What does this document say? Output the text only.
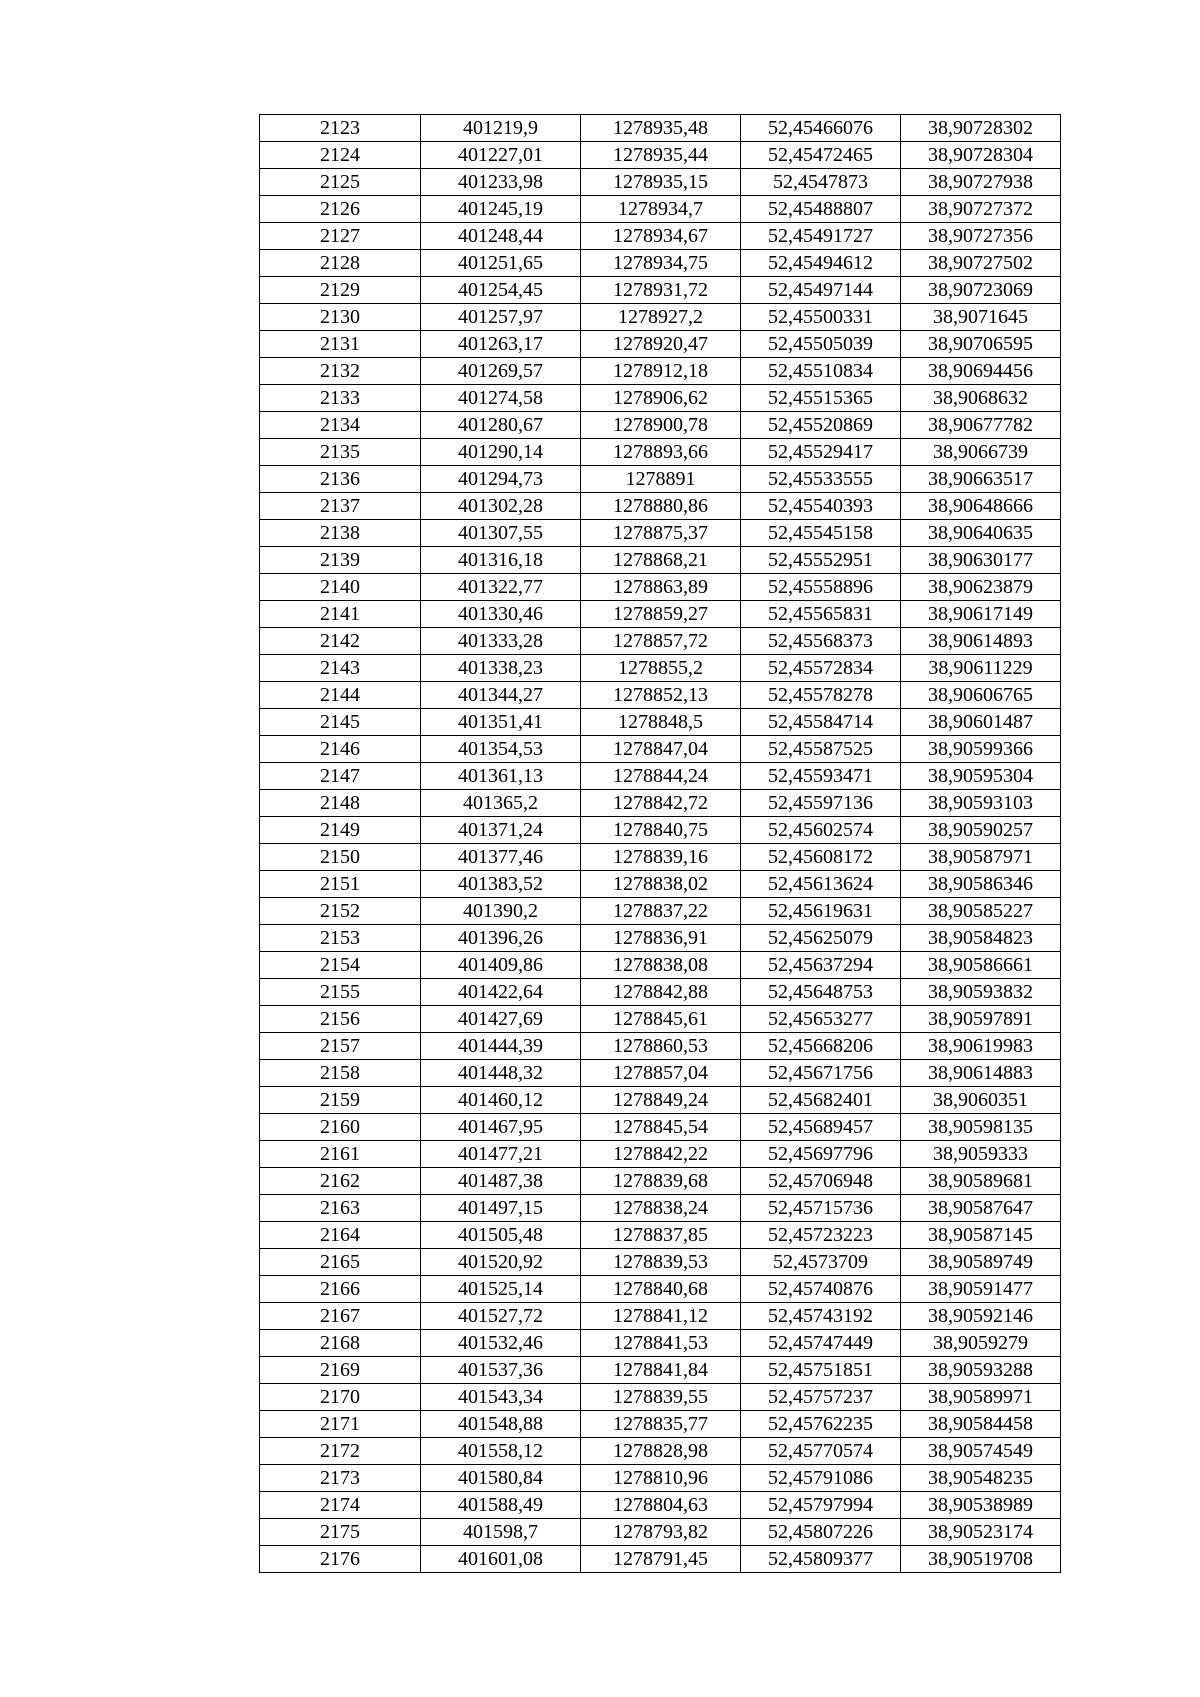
2123	401219,9	1278935,48	52,45466076	38,90728302
2124	401227,01	1278935,44	52,45472465	38,90728304
2125	401233,98	1278935,15	52,4547873	38,90727938
2126	401245,19	1278934,7	52,45488807	38,90727372
2127	401248,44	1278934,67	52,45491727	38,90727356
2128	401251,65	1278934,75	52,45494612	38,90727502
2129	401254,45	1278931,72	52,45497144	38,90723069
2130	401257,97	1278927,2	52,45500331	38,9071645
2131	401263,17	1278920,47	52,45505039	38,90706595
2132	401269,57	1278912,18	52,45510834	38,90694456
2133	401274,58	1278906,62	52,45515365	38,9068632
2134	401280,67	1278900,78	52,45520869	38,90677782
2135	401290,14	1278893,66	52,45529417	38,9066739
2136	401294,73	1278891	52,45533555	38,90663517
2137	401302,28	1278880,86	52,45540393	38,90648666
2138	401307,55	1278875,37	52,45545158	38,90640635
2139	401316,18	1278868,21	52,45552951	38,90630177
2140	401322,77	1278863,89	52,45558896	38,90623879
2141	401330,46	1278859,27	52,45565831	38,90617149
2142	401333,28	1278857,72	52,45568373	38,90614893
2143	401338,23	1278855,2	52,45572834	38,90611229
2144	401344,27	1278852,13	52,45578278	38,90606765
2145	401351,41	1278848,5	52,45584714	38,90601487
2146	401354,53	1278847,04	52,45587525	38,90599366
2147	401361,13	1278844,24	52,45593471	38,90595304
2148	401365,2	1278842,72	52,45597136	38,90593103
2149	401371,24	1278840,75	52,45602574	38,90590257
2150	401377,46	1278839,16	52,45608172	38,90587971
2151	401383,52	1278838,02	52,45613624	38,90586346
2152	401390,2	1278837,22	52,45619631	38,90585227
2153	401396,26	1278836,91	52,45625079	38,90584823
2154	401409,86	1278838,08	52,45637294	38,90586661
2155	401422,64	1278842,88	52,45648753	38,90593832
2156	401427,69	1278845,61	52,45653277	38,90597891
2157	401444,39	1278860,53	52,45668206	38,90619983
2158	401448,32	1278857,04	52,45671756	38,90614883
2159	401460,12	1278849,24	52,45682401	38,9060351
2160	401467,95	1278845,54	52,45689457	38,90598135
2161	401477,21	1278842,22	52,45697796	38,9059333
2162	401487,38	1278839,68	52,45706948	38,90589681
2163	401497,15	1278838,24	52,45715736	38,90587647
2164	401505,48	1278837,85	52,45723223	38,90587145
2165	401520,92	1278839,53	52,4573709	38,90589749
2166	401525,14	1278840,68	52,45740876	38,90591477
2167	401527,72	1278841,12	52,45743192	38,90592146
2168	401532,46	1278841,53	52,45747449	38,9059279
2169	401537,36	1278841,84	52,45751851	38,90593288
2170	401543,34	1278839,55	52,45757237	38,90589971
2171	401548,88	1278835,77	52,45762235	38,90584458
2172	401558,12	1278828,98	52,45770574	38,90574549
2173	401580,84	1278810,96	52,45791086	38,90548235
2174	401588,49	1278804,63	52,45797994	38,90538989
2175	401598,7	1278793,82	52,45807226	38,90523174
2176	401601,08	1278791,45	52,45809377	38,90519708
